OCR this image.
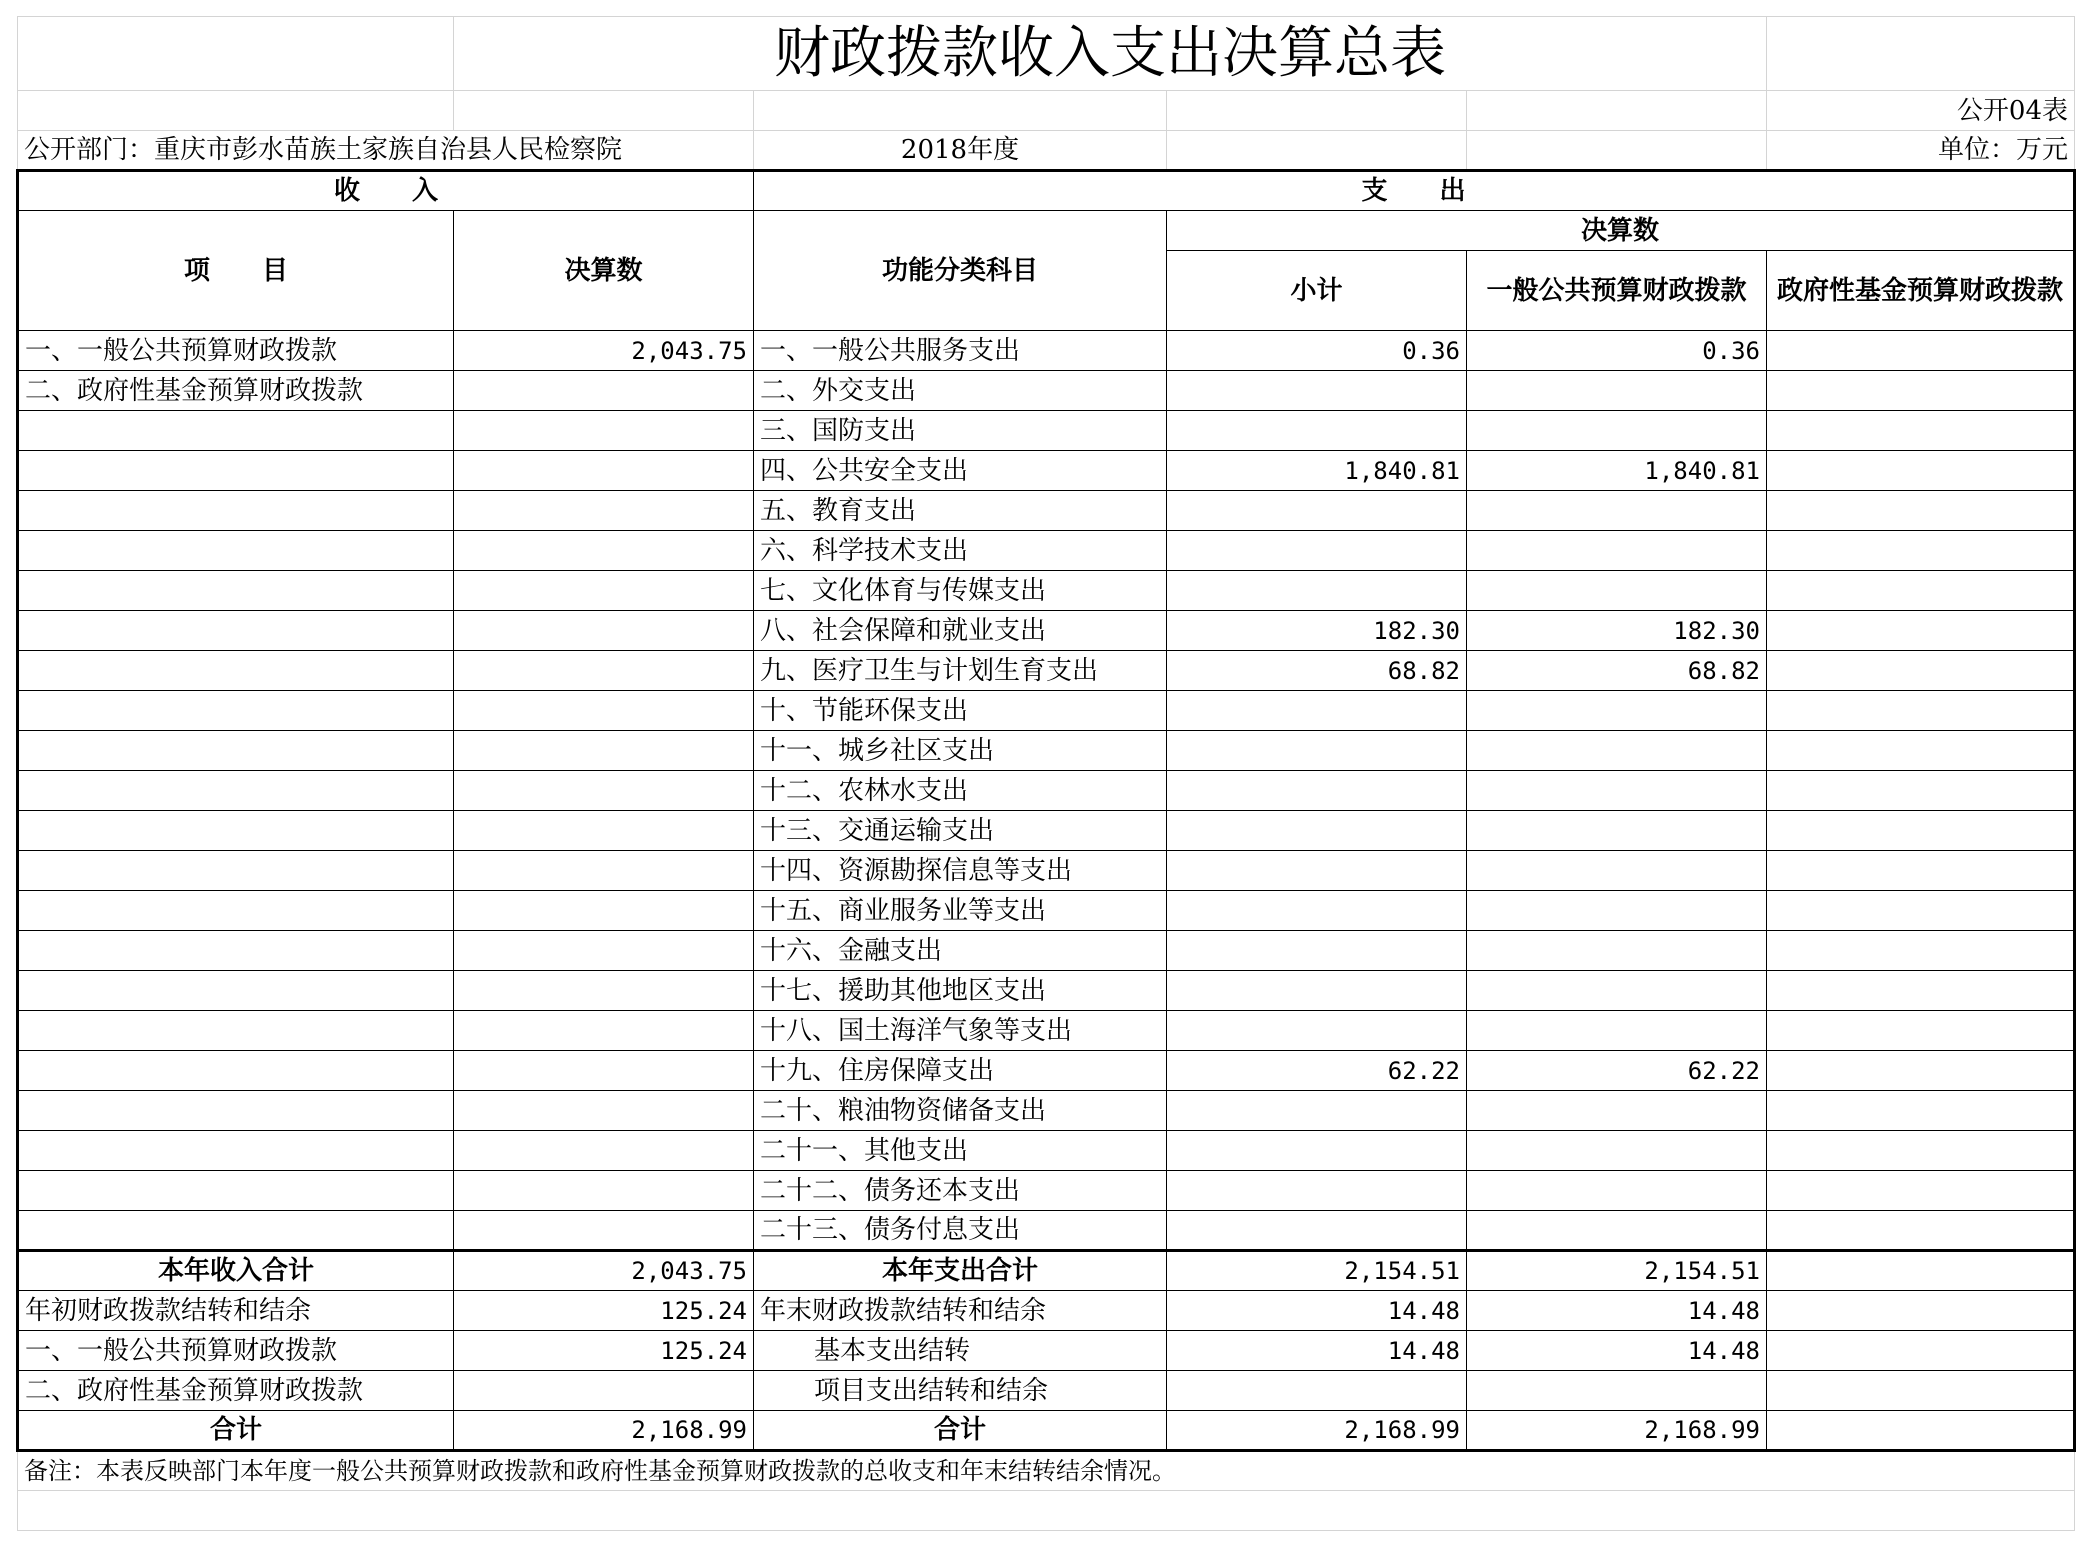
	财政拨款收入支出决算总表				
					公开04表
公开部门：重庆市彭水苗族土家族自治县人民检察院		2018年度			单位：万元
收　　入		支　　出			
项　　目	决算数	功能分类科目	决算数		
			小计	一般公共预算财政拨款	政府性基金预算财政拨款
一、一般公共预算财政拨款	2,043.75	一、一般公共服务支出	0.36	0.36	
二、政府性基金预算财政拨款		二、外交支出			
		三、国防支出			
		四、公共安全支出	1,840.81	1,840.81	
		五、教育支出			
		六、科学技术支出			
		七、文化体育与传媒支出			
		八、社会保障和就业支出	182.30	182.30	
		九、医疗卫生与计划生育支出	68.82	68.82	
		十、节能环保支出			
		十一、城乡社区支出			
		十二、农林水支出			
		十三、交通运输支出			
		十四、资源勘探信息等支出			
		十五、商业服务业等支出			
		十六、金融支出			
		十七、援助其他地区支出			
		十八、国土海洋气象等支出			
		十九、住房保障支出	62.22	62.22	
		二十、粮油物资储备支出			
		二十一、其他支出			
		二十二、债务还本支出			
		二十三、债务付息支出			
本年收入合计	2,043.75	本年支出合计	2,154.51	2,154.51	
年初财政拨款结转和结余	125.24	年末财政拨款结转和结余	14.48	14.48	
一、一般公共预算财政拨款	125.24	基本支出结转	14.48	14.48	
二、政府性基金预算财政拨款		项目支出结转和结余			
合计	2,168.99	合计	2,168.99	2,168.99	
备注：本表反映部门本年度一般公共预算财政拨款和政府性基金预算财政拨款的总收支和年末结转结余情况。					
